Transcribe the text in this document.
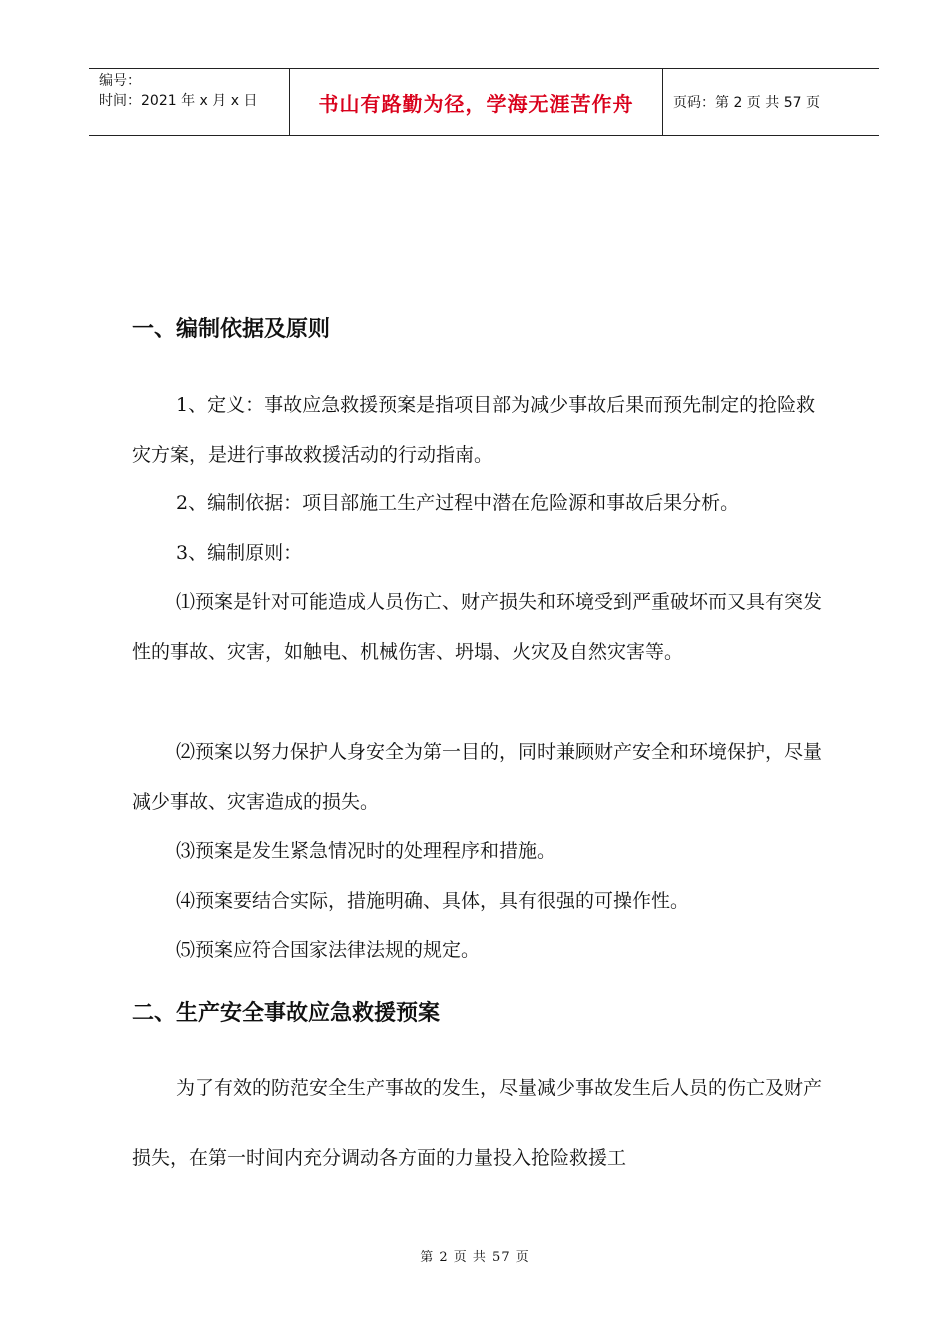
编号：
时间：2021 年 x 月 x 日	书山有路勤为径，学海无涯苦作舟	页码：第 2 页 共 57 页
一、编制依据及原则

1、定义：事故应急救援预案是指项目部为减少事故后果而预先制定的抢险救灾方案，是进行事故救援活动的行动指南。

2、编制依据：项目部施工生产过程中潜在危险源和事故后果分析。

3、编制原则：

⑴预案是针对可能造成人员伤亡、财产损失和环境受到严重破坏而又具有突发性的事故、灾害，如触电、机械伤害、坍塌、火灾及自然灾害等。

⑵预案以努力保护人身安全为第一目的，同时兼顾财产安全和环境保护，尽量减少事故、灾害造成的损失。

⑶预案是发生紧急情况时的处理程序和措施。

⑷预案要结合实际，措施明确、具体，具有很强的可操作性。

⑸预案应符合国家法律法规的规定。

二、生产安全事故应急救援预案

为了有效的防范安全生产事故的发生，尽量减少事故发生后人员的伤亡及财产损失，在第一时间内充分调动各方面的力量投入抢险救援工

第 2 页 共 57 页
